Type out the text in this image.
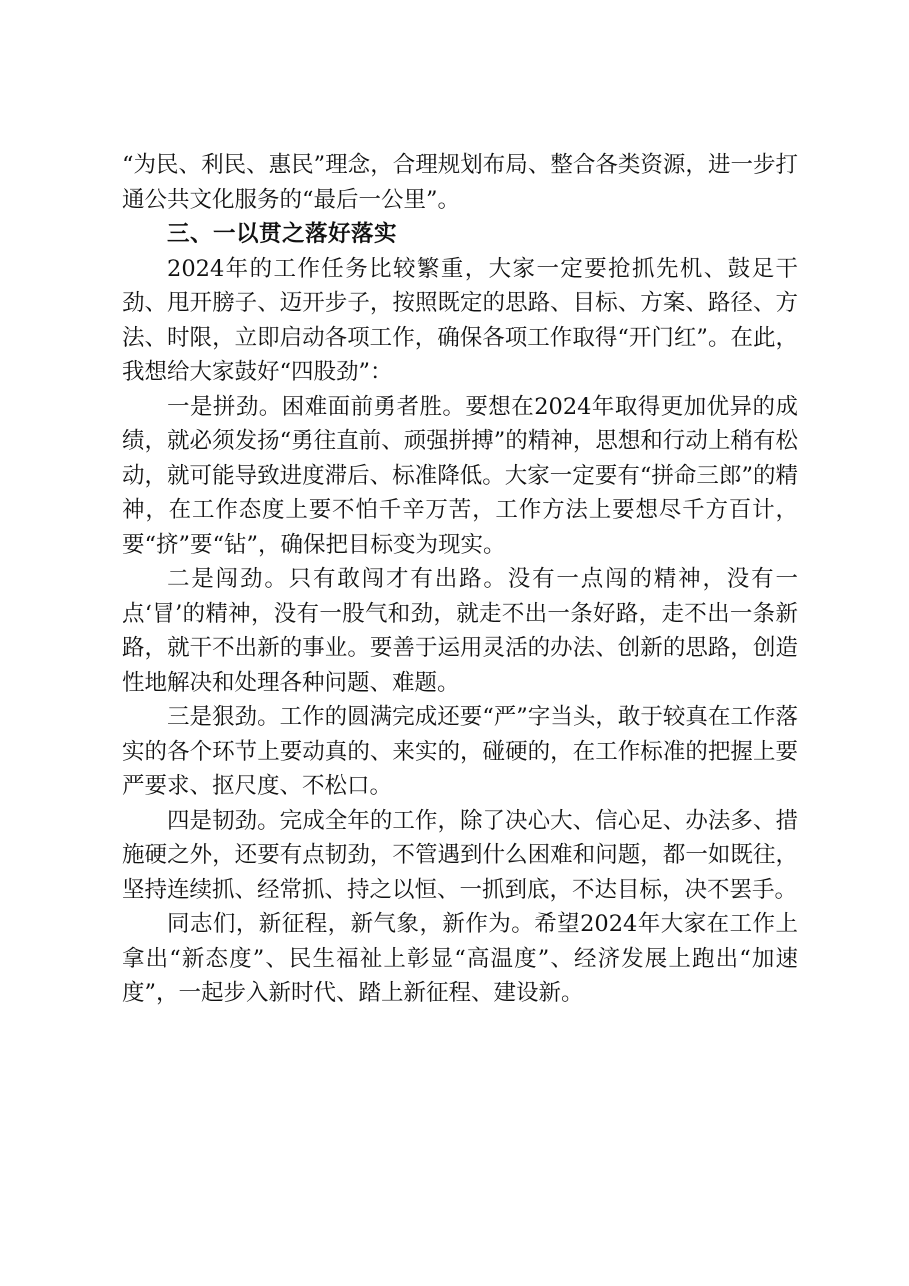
“为民、利民、惠民”理念，合理规划布局、整合各类资源，进一步打通公共文化服务的“最后一公里”。

三、一以贯之落好落实

2024年的工作任务比较繁重，大家一定要抢抓先机、鼓足干劲、甩开膀子、迈开步子，按照既定的思路、目标、方案、路径、方法、时限，立即启动各项工作，确保各项工作取得“开门红”。在此，我想给大家鼓好“四股劲”：

一是拼劲。困难面前勇者胜。要想在2024年取得更加优异的成绩，就必须发扬“勇往直前、顽强拼搏”的精神，思想和行动上稍有松动，就可能导致进度滞后、标准降低。大家一定要有“拼命三郎”的精神，在工作态度上要不怕千辛万苦，工作方法上要想尽千方百计，要“挤”要“钻”，确保把目标变为现实。

二是闯劲。只有敢闯才有出路。没有一点闯的精神，没有一点‘冒’的精神，没有一股气和劲，就走不出一条好路，走不出一条新路，就干不出新的事业。要善于运用灵活的办法、创新的思路，创造性地解决和处理各种问题、难题。

三是狠劲。工作的圆满完成还要“严”字当头，敢于较真在工作落实的各个环节上要动真的、来实的，碰硬的，在工作标准的把握上要严要求、抠尺度、不松口。

四是韧劲。完成全年的工作，除了决心大、信心足、办法多、措施硬之外，还要有点韧劲，不管遇到什么困难和问题，都一如既往，坚持连续抓、经常抓、持之以恒、一抓到底，不达目标，决不罢手。

同志们，新征程，新气象，新作为。希望2024年大家在工作上拿出“新态度”、民生福祉上彰显“高温度”、经济发展上跑出“加速度”，一起步入新时代、踏上新征程、建设新。
